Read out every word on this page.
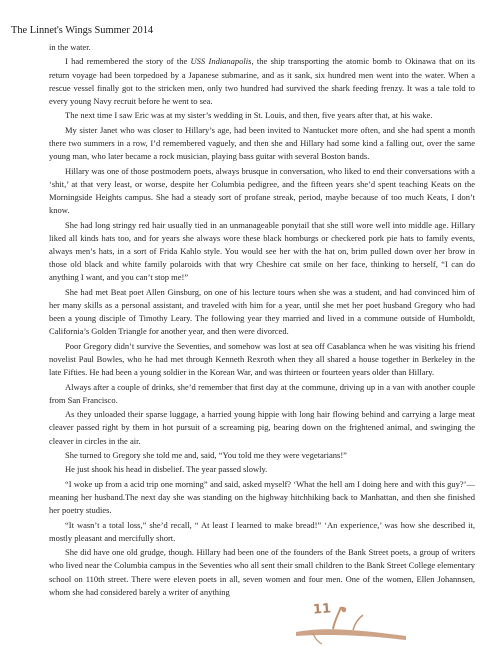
The Linnet's Wings Summer 2014

in the water.

I had remembered the story of the USS Indianapolis, the ship transporting the atomic bomb to Okinawa that on its return voyage had been torpedoed by a Japanese submarine, and as it sank, six hundred men went into the water. When a rescue vessel finally got to the stricken men, only two hundred had survived the shark feeding frenzy. It was a tale told to every young Navy recruit before he went to sea.

The next time I saw Eric was at my sister’s wedding in St. Louis, and then, five years after that, at his wake.

My sister Janet who was closer to Hillary’s age, had been invited to Nantucket more often, and she had spent a month there two summers in a row, I’d remembered vaguely, and then she and Hillary had some kind a falling out, over the same young man, who later became a rock musician, playing bass guitar with several Boston bands.

Hillary was one of those postmodern poets, always brusque in conversation, who liked to end their conversations with a ‘shit,’ at that very least, or worse, despite her Columbia pedigree, and the fifteen years she’d spent teaching Keats on the Morningside Heights campus. She had a steady sort of profane streak, period, maybe because of too much Keats, I don’t know.

She had long stringy red hair usually tied in an unmanageable ponytail that she still wore well into middle age. Hillary liked all kinds hats too, and for years she always wore these black homburgs or checkered pork pie hats to family events, always men’s hats, in a sort of Frida Kahlo style. You would see her with the hat on, brim pulled down over her brow in those old black and white family polaroids with that wry Cheshire cat smile on her face, thinking to herself, “I can do anything I want, and you can’t stop me!”

She had met Beat poet Allen Ginsburg, on one of his lecture tours when she was a student, and had convinced him of her many skills as a personal assistant, and traveled with him for a year, until she met her poet husband Gregory who had been a young disciple of Timothy Leary. The following year they married and lived in a commune outside of Humboldt, California’s Golden Triangle for another year, and then were divorced.

Poor Gregory didn’t survive the Seventies, and somehow was lost at sea off Casablanca when he was visiting his friend novelist Paul Bowles, who he had met through Kenneth Rexroth when they all shared a house together in Berkeley in the late Fifties. He had been a young soldier in the Korean War, and was thirteen or fourteen years older than Hillary.

Always after a couple of drinks, she’d remember that first day at the commune, driving up in a van with another couple from San Francisco.

As they unloaded their sparse luggage, a harried young hippie with long hair flowing behind and carrying a large meat cleaver passed right by them in hot pursuit of a screaming pig, bearing down on the frightened animal, and swinging the cleaver in circles in the air.

She turned to Gregory she told me and, said, “You told me they were vegetarians!”

He just shook his head in disbelief. The year passed slowly.

“I woke up from a acid trip one morning” and said, asked myself? ‘What the hell am I doing here and with this guy?’— meaning her husband.The next day she was standing on the highway hitchhiking back to Manhattan, and then she finished her poetry studies.

“It wasn’t a total loss,” she’d recall, “ At least I learned to make bread!” ‘An experience,’ was how she described it, mostly pleasant and mercifully short.

She did have one old grudge, though. Hillary had been one of the founders of the Bank Street poets, a group of writers who lived near the Columbia campus in the Seventies who all sent their small children to the Bank Street College elementary school on 110th street. There were eleven poets in all, seven women and four men. One of the women, Ellen Johannsen, whom she had considered barely a writer of anything

11
